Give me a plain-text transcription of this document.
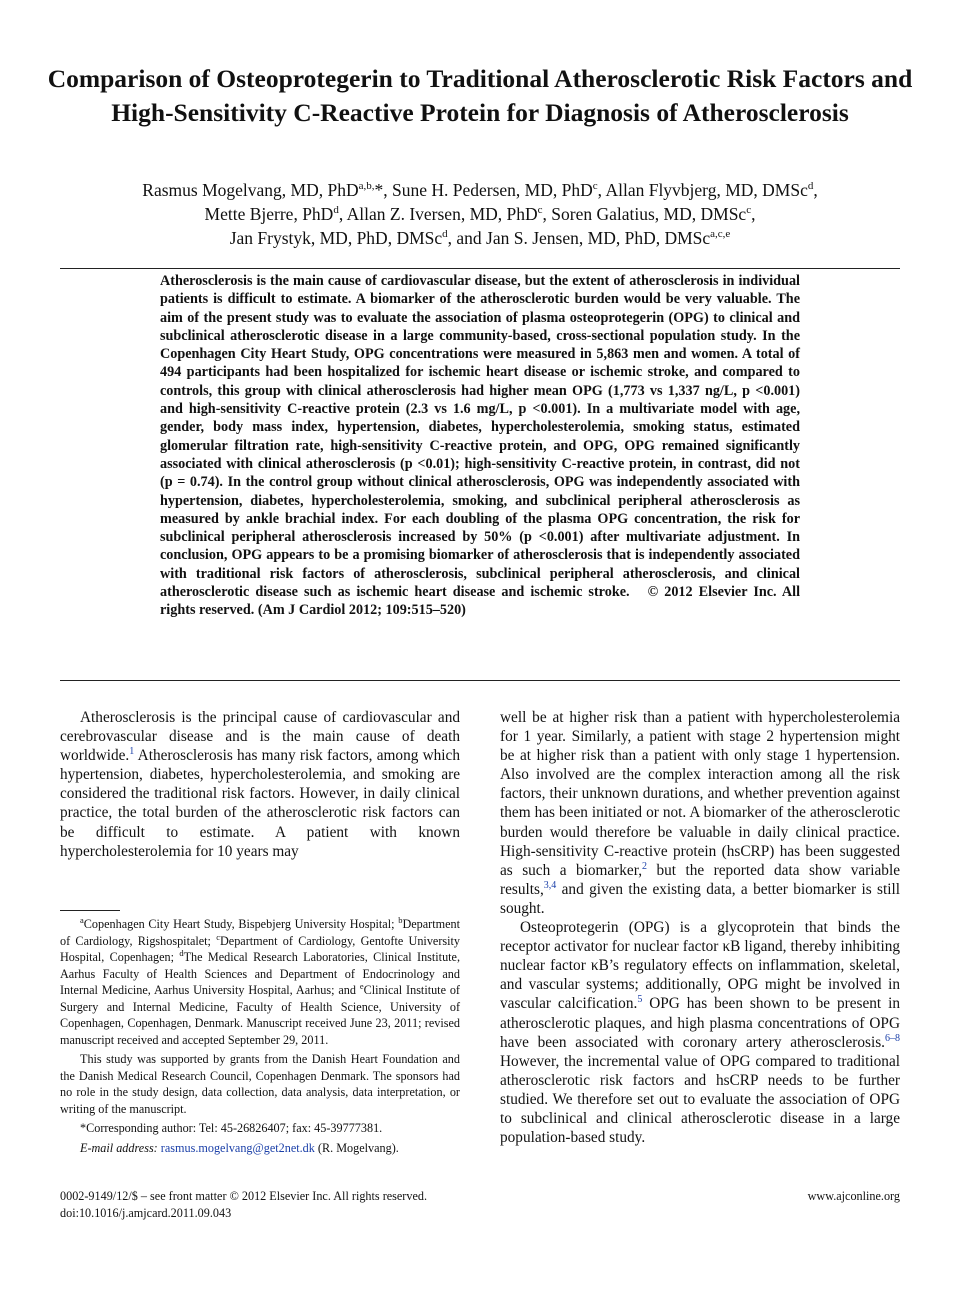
Comparison of Osteoprotegerin to Traditional Atherosclerotic Risk Factors and High-Sensitivity C-Reactive Protein for Diagnosis of Atherosclerosis
Rasmus Mogelvang, MD, PhD$^{a,b,}$*, Sune H. Pedersen, MD, PhD$^c$, Allan Flyvbjerg, MD, DMSc$^d$,
Mette Bjerre, PhD$^d$, Allan Z. Iversen, MD, PhD$^c$, Soren Galatius, MD, DMSc$^c$,
Jan Frystyk, MD, PhD, DMSc$^d$, and Jan S. Jensen, MD, PhD, DMSc$^{a,c,e}$
Atherosclerosis is the main cause of cardiovascular disease, but the extent of atherosclerosis in individual patients is difficult to estimate. A biomarker of the atherosclerotic burden would be very valuable. The aim of the present study was to evaluate the association of plasma osteoprotegerin (OPG) to clinical and subclinical atherosclerotic disease in a large community-based, cross-sectional population study. In the Copenhagen City Heart Study, OPG concentrations were measured in 5,863 men and women. A total of 494 participants had been hospitalized for ischemic heart disease or ischemic stroke, and compared to controls, this group with clinical atherosclerosis had higher mean OPG (1,773 vs 1,337 ng/L, p <0.001) and high-sensitivity C-reactive protein (2.3 vs 1.6 mg/L, p <0.001). In a multivariate model with age, gender, body mass index, hypertension, diabetes, hypercholesterolemia, smoking status, estimated glomerular filtration rate, high-sensitivity C-reactive protein, and OPG, OPG remained significantly associated with clinical atherosclerosis (p <0.01); high-sensitivity C-reactive protein, in contrast, did not (p = 0.74). In the control group without clinical atherosclerosis, OPG was independently associated with hypertension, diabetes, hypercholesterolemia, smoking, and subclinical peripheral atherosclerosis as measured by ankle brachial index. For each doubling of the plasma OPG concentration, the risk for subclinical peripheral atherosclerosis increased by 50% (p <0.001) after multivariate adjustment. In conclusion, OPG appears to be a promising biomarker of atherosclerosis that is independently associated with traditional risk factors of atherosclerosis, subclinical peripheral atherosclerosis, and clinical atherosclerotic disease such as ischemic heart disease and ischemic stroke. © 2012 Elsevier Inc. All rights reserved. (Am J Cardiol 2012; 109:515–520)

Atherosclerosis is the principal cause of cardiovascular and cerebrovascular disease and is the main cause of death worldwide.$^1$ Atherosclerosis has many risk factors, among which hypertension, diabetes, hypercholesterolemia, and smoking are considered the traditional risk factors. However, in daily clinical practice, the total burden of the atherosclerotic risk factors can be difficult to estimate. A patient with known hypercholesterolemia for 10 years may

well be at higher risk than a patient with hypercholesterolemia for 1 year. Similarly, a patient with stage 2 hypertension might be at higher risk than a patient with only stage 1 hypertension. Also involved are the complex interaction among all the risk factors, their unknown durations, and whether prevention against them has been initiated or not. A biomarker of the atherosclerotic burden would therefore be valuable in daily clinical practice. High-sensitivity C-reactive protein (hsCRP) has been suggested as such a biomarker,$^2$ but the reported data show variable results,$^{3,4}$ and given the existing data, a better biomarker is still sought.

Osteoprotegerin (OPG) is a glycoprotein that binds the receptor activator for nuclear factor κB ligand, thereby inhibiting nuclear factor κB’s regulatory effects on inflammation, skeletal, and vascular systems; additionally, OPG might be involved in vascular calcification.$^5$ OPG has been shown to be present in atherosclerotic plaques, and high plasma concentrations of OPG have been associated with coronary artery atherosclerosis.$^{6-8}$ However, the incremental value of OPG compared to traditional atherosclerotic risk factors and hsCRP needs to be further studied. We therefore set out to evaluate the association of OPG to subclinical and clinical atherosclerotic disease in a large population-based study.

$^a$Copenhagen City Heart Study, Bispebjerg University Hospital; $^b$Department of Cardiology, Rigshospitalet; $^c$Department of Cardiology, Gentofte University Hospital, Copenhagen; $^d$The Medical Research Laboratories, Clinical Institute, Aarhus Faculty of Health Sciences and Department of Endocrinology and Internal Medicine, Aarhus University Hospital, Aarhus; and $^e$Clinical Institute of Surgery and Internal Medicine, Faculty of Health Science, University of Copenhagen, Copenhagen, Denmark. Manuscript received June 23, 2011; revised manuscript received and accepted September 29, 2011.

This study was supported by grants from the Danish Heart Foundation and the Danish Medical Research Council, Copenhagen Denmark. The sponsors had no role in the study design, data collection, data analysis, data interpretation, or writing of the manuscript.

*Corresponding author: Tel: 45-26826407; fax: 45-39777381.

E-mail address: rasmus.mogelvang@get2net.dk (R. Mogelvang).

0002-9149/12/$ – see front matter © 2012 Elsevier Inc. All rights reserved.
doi:10.1016/j.amjcard.2011.09.043
www.ajconline.org
